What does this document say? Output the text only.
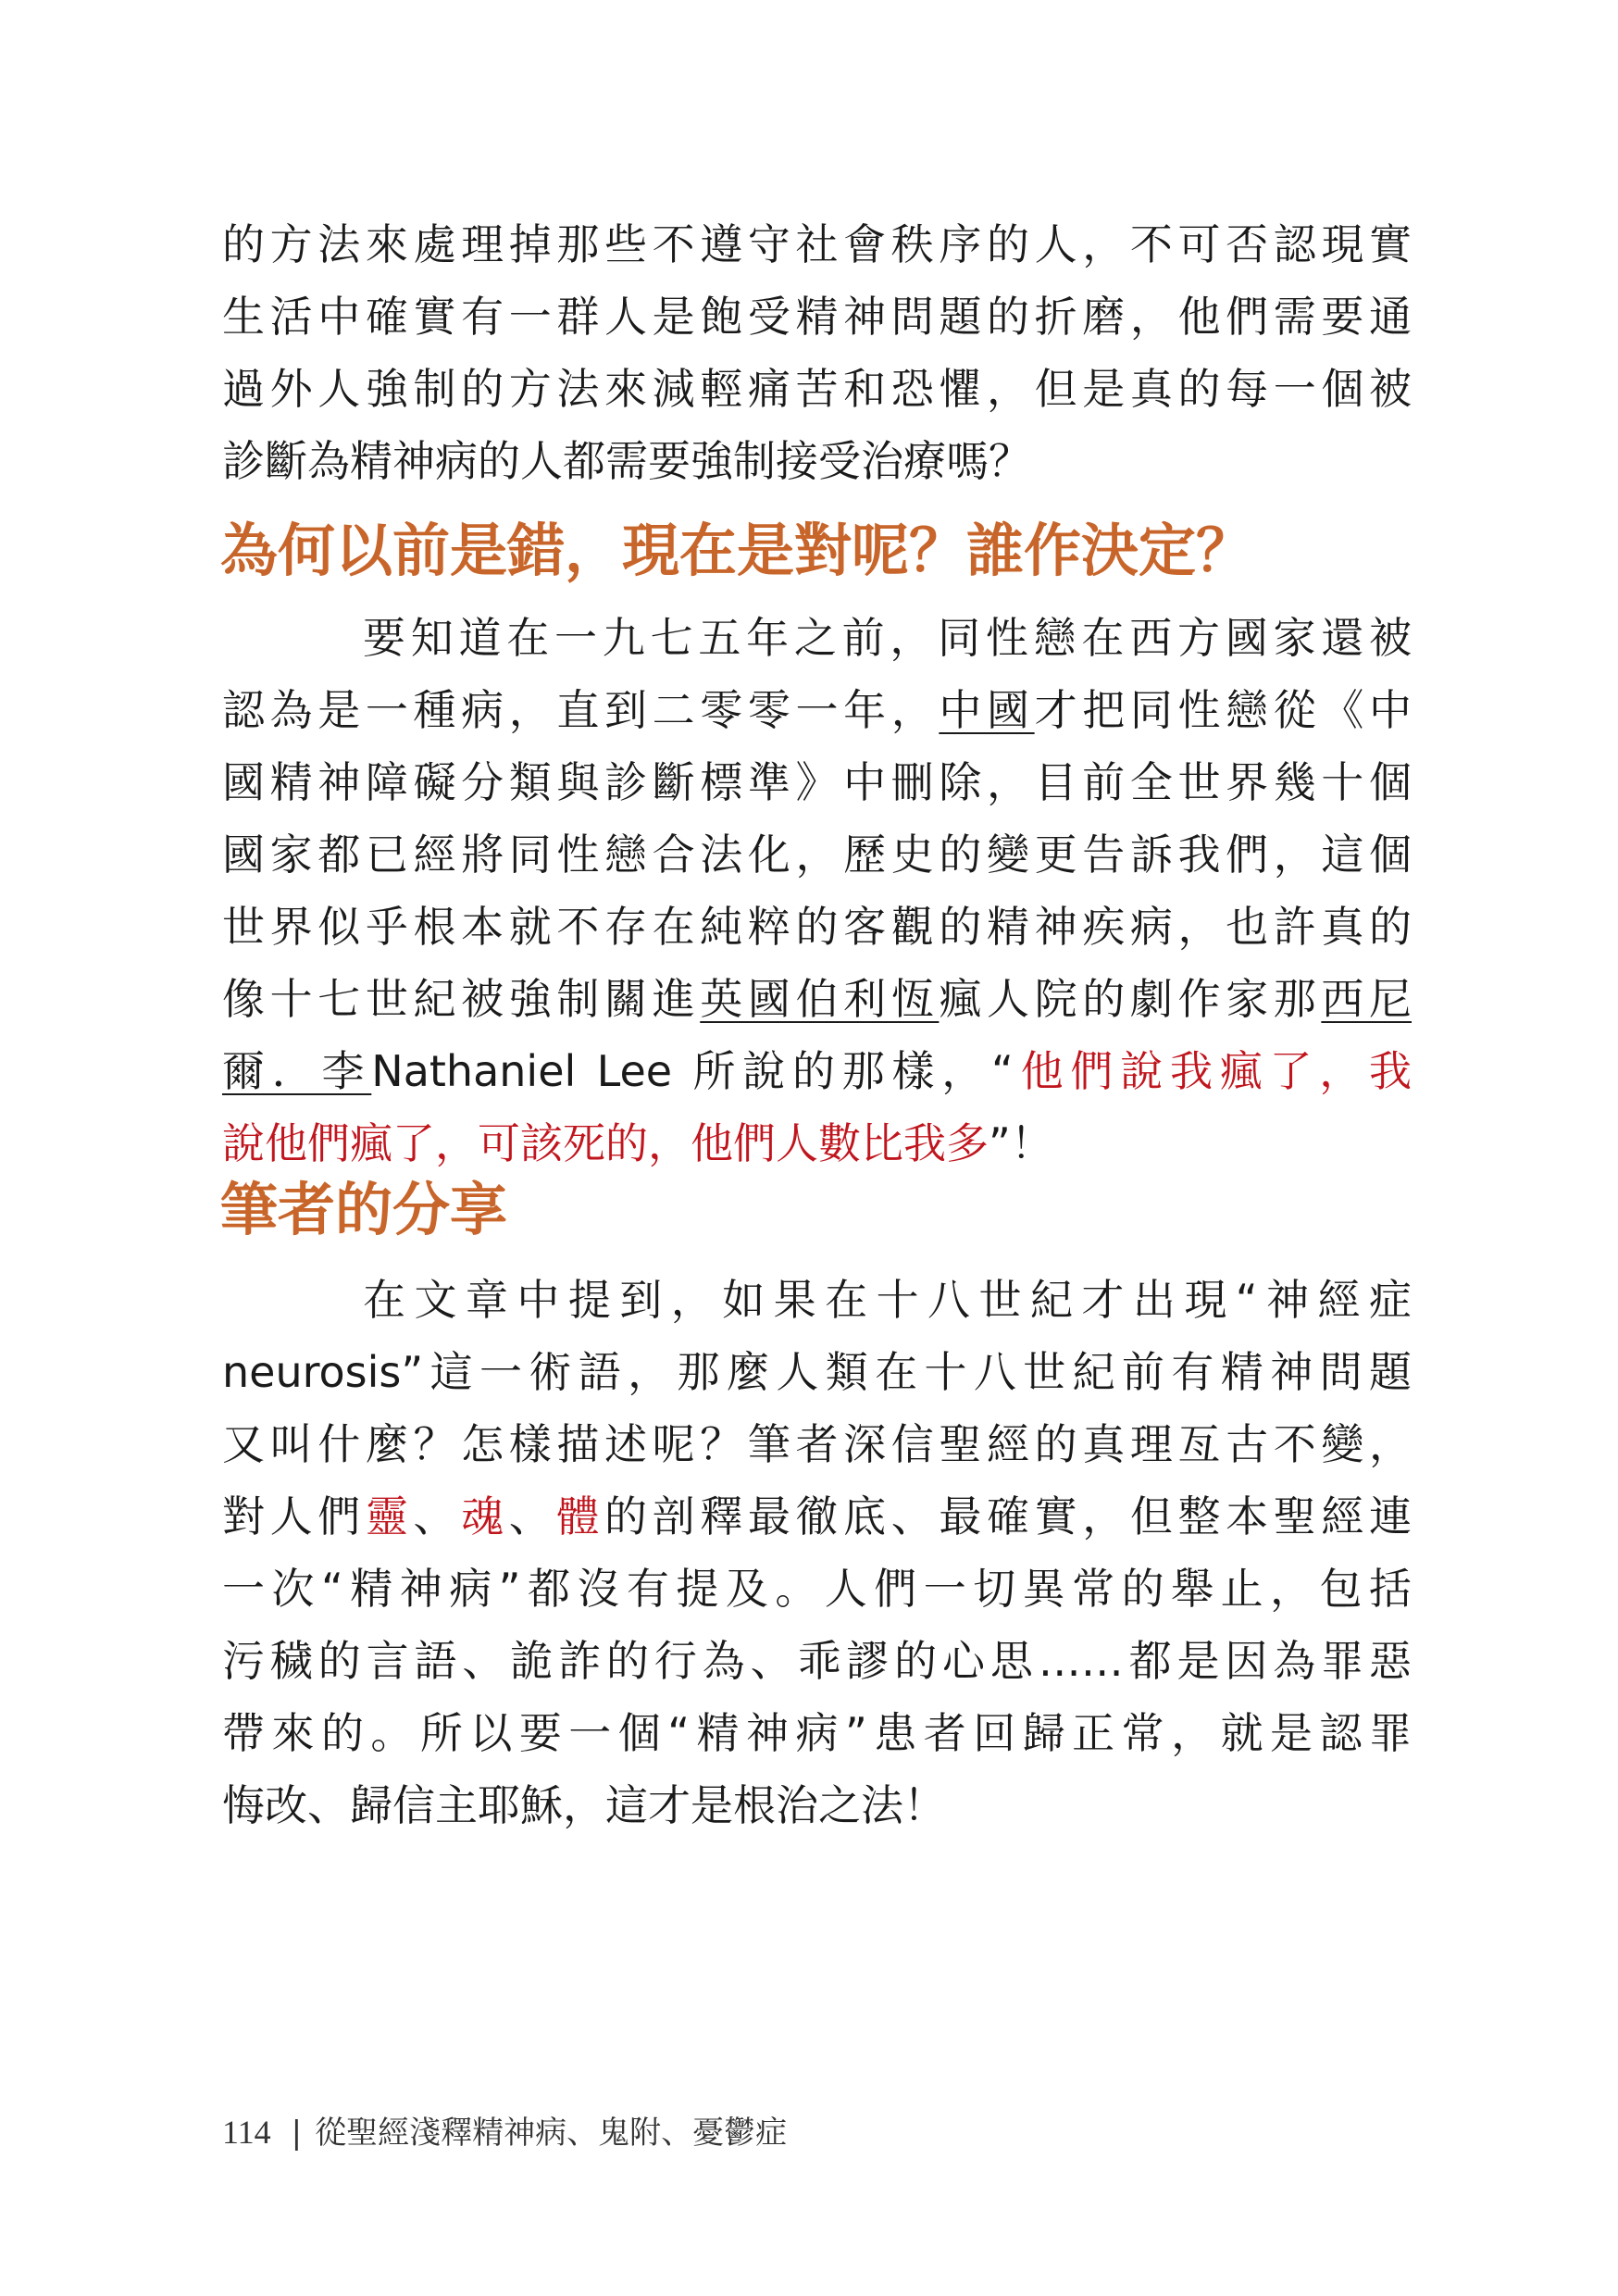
的方法來處理掉那些不遵守社會秩序的人，不可否認現實
生活中確實有一群人是飽受精神問題的折磨，他們需要通
過外人強制的方法來減輕痛苦和恐懼，但是真的每一個被
診斷為精神病的人都需要強制接受治療嗎？
為何以前是錯，現在是對呢？誰作決定？
要知道在一九七五年之前，同性戀在西方國家還被
認為是一種病，直到二零零一年，中國才把同性戀從《中
國精神障礙分類與診斷標準》中刪除，目前全世界幾十個
國家都已經將同性戀合法化，歷史的變更告訴我們，這個
世界似乎根本就不存在純粹的客觀的精神疾病，也許真的
像十七世紀被強制關進英國伯利恆瘋人院的劇作家那西尼
爾．李Nathaniel Lee 所說的那樣，“他們說我瘋了，我
說他們瘋了，可該死的，他們人數比我多”！
筆者的分享
在文章中提到，如果在十八世紀才出現“神經症
neurosis”這一術語，那麼人類在十八世紀前有精神問題
又叫什麼？怎樣描述呢？筆者深信聖經的真理亙古不變，
對人們靈、魂、體的剖釋最徹底、最確實，但整本聖經連
一次“精神病”都沒有提及。人們一切異常的舉止，包括
污穢的言語、詭詐的行為、乖謬的心思……都是因為罪惡
帶來的。所以要一個“精神病”患者回歸正常，就是認罪
悔改、歸信主耶穌，這才是根治之法！
114 | 從聖經淺釋精神病、鬼附、憂鬱症
